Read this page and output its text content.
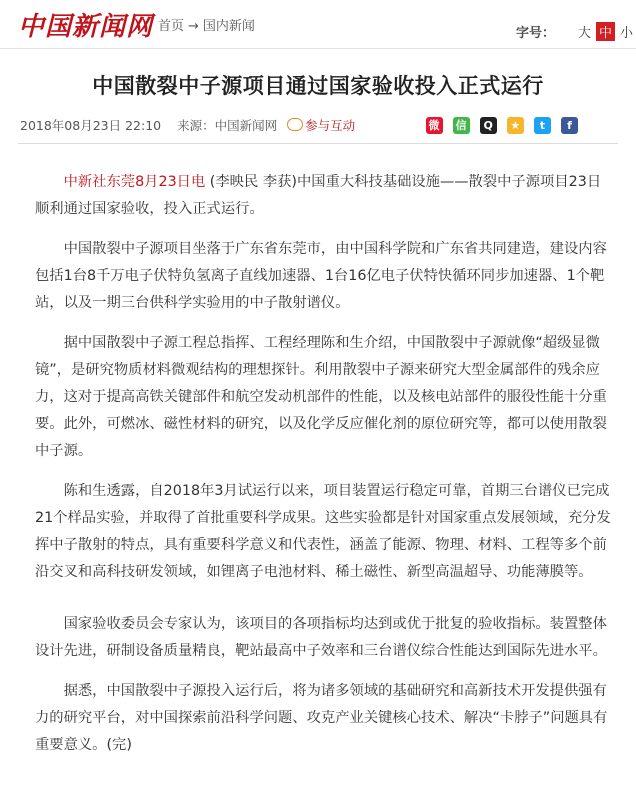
中国新闻网 首页 → 国内新闻	字号： 大 中 小
中国散裂中子源项目通过国家验收投入正式运行
2018年08月23日 22:10 来源：中国新闻网 参与互动	微 信 Q ★ t f

中新社东莞8月23日电 (李映民 李获)中国重大科技基础设施——散裂中子源项目23日顺利通过国家验收，投入正式运行。

中国散裂中子源项目坐落于广东省东莞市，由中国科学院和广东省共同建造，建设内容包括1台8千万电子伏特负氢离子直线加速器、1台16亿电子伏特快循环同步加速器、1个靶站，以及一期三台供科学实验用的中子散射谱仪。

据中国散裂中子源工程总指挥、工程经理陈和生介绍，中国散裂中子源就像“超级显微镜”，是研究物质材料微观结构的理想探针。利用散裂中子源来研究大型金属部件的残余应力，这对于提高高铁关键部件和航空发动机部件的性能，以及核电站部件的服役性能十分重要。此外，可燃冰、磁性材料的研究，以及化学反应催化剂的原位研究等，都可以使用散裂中子源。

陈和生透露，自2018年3月试运行以来，项目装置运行稳定可靠，首期三台谱仪已完成21个样品实验，并取得了首批重要科学成果。这些实验都是针对国家重点发展领域，充分发挥中子散射的特点，具有重要科学意义和代表性，涵盖了能源、物理、材料、工程等多个前沿交叉和高科技研发领域，如锂离子电池材料、稀土磁性、新型高温超导、功能薄膜等。

国家验收委员会专家认为，该项目的各项指标均达到或优于批复的验收指标。装置整体设计先进，研制设备质量精良，靶站最高中子效率和三台谱仪综合性能达到国际先进水平。

据悉，中国散裂中子源投入运行后，将为诸多领域的基础研究和高新技术开发提供强有力的研究平台，对中国探索前沿科学问题、攻克产业关键核心技术、解决“卡脖子”问题具有重要意义。(完)
